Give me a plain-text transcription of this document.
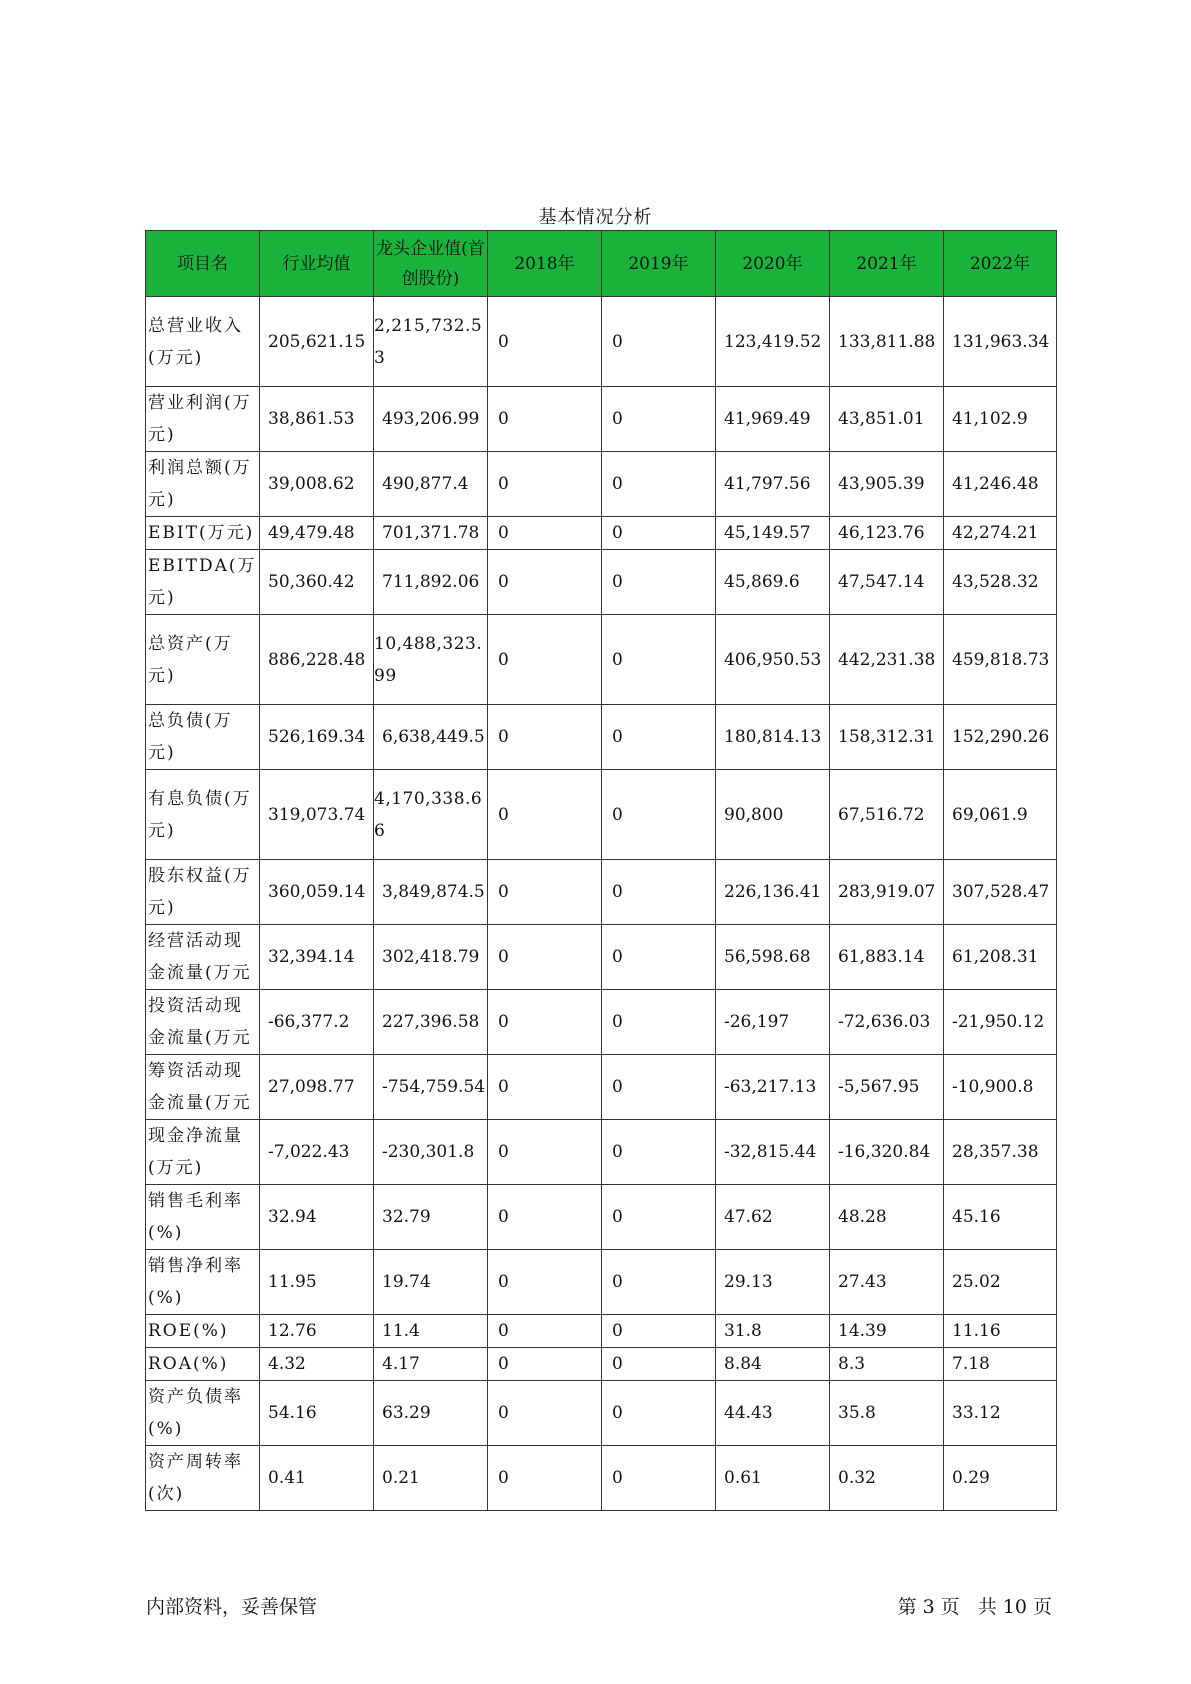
基本情况分析
项目名	行业均值	龙头企业值(首创股份)	2018年	2019年	2020年	2021年	2022年
总营业收入(万元)	205,621.15	2,215,732.53	0	0	123,419.52	133,811.88	131,963.34
营业利润(万元)	38,861.53	493,206.99	0	0	41,969.49	43,851.01	41,102.9
利润总额(万元)	39,008.62	490,877.4	0	0	41,797.56	43,905.39	41,246.48
EBIT(万元)	49,479.48	701,371.78	0	0	45,149.57	46,123.76	42,274.21
EBITDA(万元)	50,360.42	711,892.06	0	0	45,869.6	47,547.14	43,528.32
总资产(万元)	886,228.48	10,488,323.99	0	0	406,950.53	442,231.38	459,818.73
总负债(万元)	526,169.34	6,638,449.5	0	0	180,814.13	158,312.31	152,290.26
有息负债(万元)	319,073.74	4,170,338.66	0	0	90,800	67,516.72	69,061.9
股东权益(万元)	360,059.14	3,849,874.5	0	0	226,136.41	283,919.07	307,528.47
经营活动现金流量(万元	32,394.14	302,418.79	0	0	56,598.68	61,883.14	61,208.31
投资活动现金流量(万元	-66,377.2	227,396.58	0	0	-26,197	-72,636.03	-21,950.12
筹资活动现金流量(万元	27,098.77	-754,759.54	0	0	-63,217.13	-5,567.95	-10,900.8
现金净流量(万元)	-7,022.43	-230,301.8	0	0	-32,815.44	-16,320.84	28,357.38
销售毛利率(%)	32.94	32.79	0	0	47.62	48.28	45.16
销售净利率(%)	11.95	19.74	0	0	29.13	27.43	25.02
ROE(%)	12.76	11.4	0	0	31.8	14.39	11.16
ROA(%)	4.32	4.17	0	0	8.84	8.3	7.18
资产负债率(%)	54.16	63.29	0	0	44.43	35.8	33.12
资产周转率(次)	0.41	0.21	0	0	0.61	0.32	0.29
内部资料，妥善保管	第 3 页 共 10 页
